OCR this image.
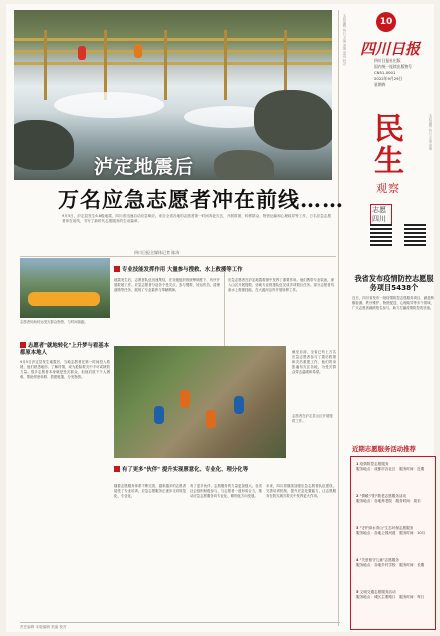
泸定地震后
万名应急志愿者冲在前线……
9月5日，泸定县发生6.8级地震，四川省迅速启动应急响应。来自全省各地的志愿者第一时间奔赴灾区，开展救援、转移群众、物资运输和心理疏导等工作，万名应急志愿者冲在前线，书写了新时代志愿服务的生动篇章。
四川日报全媒体记者 陈涛
10
四川日报
四川日报社出版
国内统一连续出版物号
CN51-0001
2022年9月29日
星期四
本版编辑 执行主编 美编 值班 校对
本版编辑 执行主编 美编
民生
观察
志愿四川
志愿者协助转运受灾群众物资，与时间赛跑。
志愿者"就地转化"上升梦与看基本都原本地人
9月5日泸定县发生地震后，当地志愿者在第一时间投入救援，他们熟悉地形、了解村情，成为抢险救灾中不可或缺的力量。很多志愿者本身就是受灾群众，但他们放下个人困难，帮助邻里转移、搭建帐篷、分发物资。
专业技能发挥作用 大量参与搜救、水上救援等工作
地震发生后，志愿者队伍迅速集结，在各级组织的统筹调度下，有序开展救援工作。应急志愿者分赴各个受灾点，参与搜救、转运伤员、清理道路等任务，展现了专业素养与奉献精神。
应急志愿者在泸定地震救援中发挥了重要作用。他们携带专业装备，深入山区开展搜救，协助专业救援队伍完成多项艰巨任务。部分志愿者具备水上救援技能，在大渡河沿岸开展转移工作。
截至目前，全省已有上万名应急志愿者参与了震后救援和灾后重建工作，他们的身影遍布灾区各地，为受灾群众带去温暖和希望。
志愿者在泸定县山区开展搜救工作。
有了更多"伙伴" 提升实现票意化、专业化、理分化等
随着志愿服务体系不断完善，越来越多的志愿者接受了专业培训，应急志愿服务正逐步走向规范化、专业化。
有了更多伙伴，志愿服务的力量更加强大。各类社会组织积极参与，与志愿者一道形成合力，推动应急志愿服务向专业化、精细化方向发展。
未来，四川将继续加强应急志愿者队伍建设，完善培训机制，提升应急处置能力，让志愿服务在防灾减灾救灾中发挥更大作用。
我省发布疫情防控志愿服务项目5438个
近日，四川省发布一批疫情防控志愿服务项目，涵盖核酸检测、秩序维护、物资配送、心理疏导等多个领域，广大志愿者踊跃报名参与，助力打赢疫情防控攻坚战。
近期志愿服务活动推荐
1 疫情防控志愿服务
服务地点：成都市各社区　服务时间：近期
2 "情暖夕阳"敬老志愿服务活动
服务地点：各地养老院　服务时间：周末
3 "守护绿水青山"生态环保志愿服务
服务地点：各地公园河道　服务时间：10月
4 "关爱留守儿童"志愿服务
服务地点：各地乡村学校　服务时间：长期
5 文明交通志愿服务活动
服务地点：城区主要路口　服务时间：每日
责任编辑 本版编辑 美编 校对
